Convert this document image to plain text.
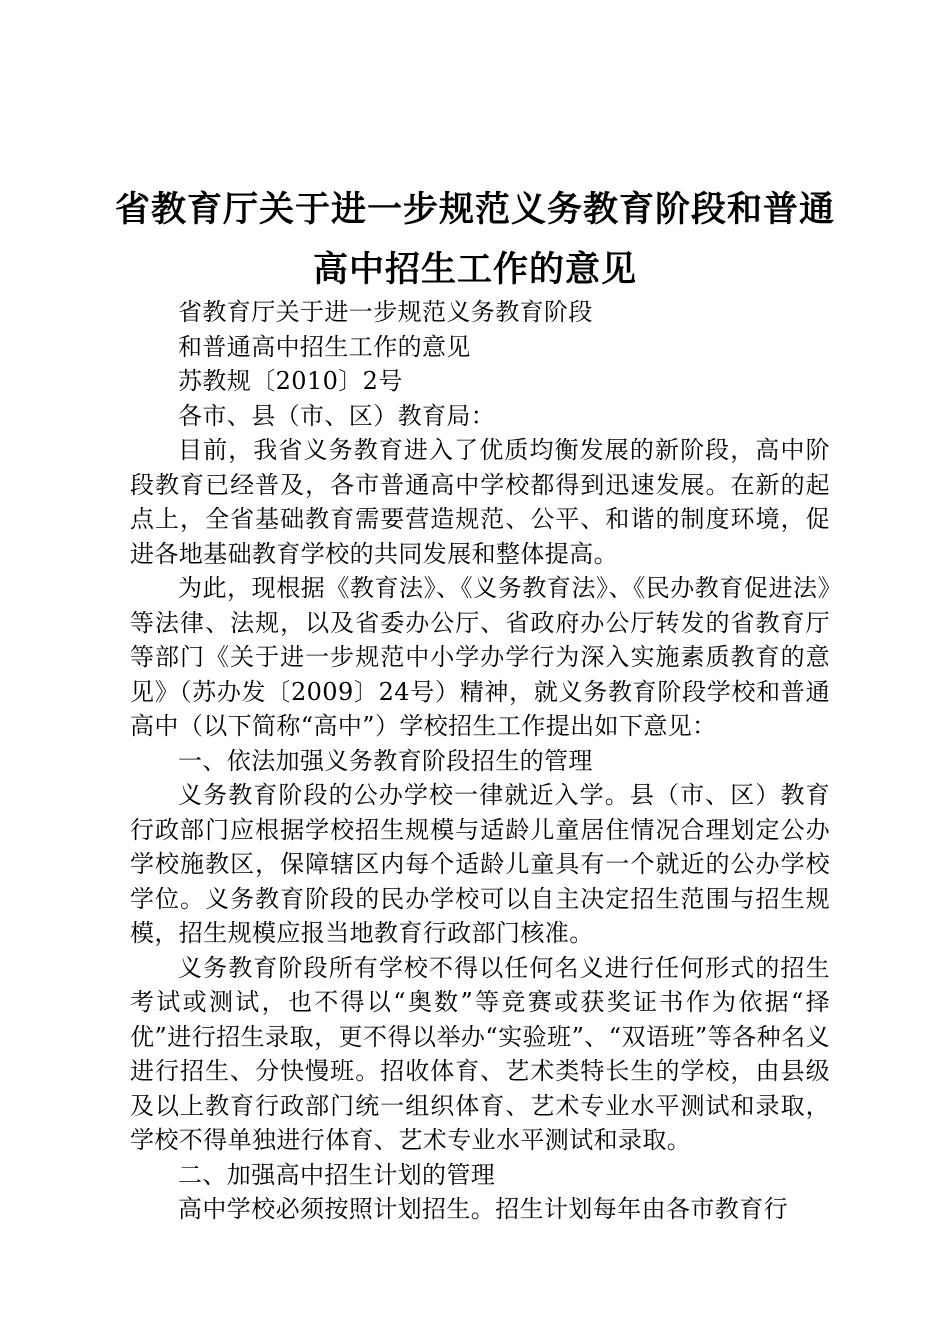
省教育厅关于进一步规范义务教育阶段和普通高中招生工作的意见

省教育厅关于进一步规范义务教育阶段

和普通高中招生工作的意见

苏教规〔2010〕2号

各市、县（市、区）教育局：

目前，我省义务教育进入了优质均衡发展的新阶段，高中阶段教育已经普及，各市普通高中学校都得到迅速发展。在新的起点上，全省基础教育需要营造规范、公平、和谐的制度环境，促进各地基础教育学校的共同发展和整体提高。

为此，现根据《教育法》、《义务教育法》、《民办教育促进法》等法律、法规，以及省委办公厅、省政府办公厅转发的省教育厅等部门《关于进一步规范中小学办学行为深入实施素质教育的意见》（苏办发〔2009〕24号）精神，就义务教育阶段学校和普通高中（以下简称“高中”）学校招生工作提出如下意见：

一、依法加强义务教育阶段招生的管理

义务教育阶段的公办学校一律就近入学。县（市、区）教育行政部门应根据学校招生规模与适龄儿童居住情况合理划定公办学校施教区，保障辖区内每个适龄儿童具有一个就近的公办学校学位。义务教育阶段的民办学校可以自主决定招生范围与招生规模，招生规模应报当地教育行政部门核准。

义务教育阶段所有学校不得以任何名义进行任何形式的招生考试或测试，也不得以“奥数”等竞赛或获奖证书作为依据“择优”进行招生录取，更不得以举办“实验班”、“双语班”等各种名义进行招生、分快慢班。招收体育、艺术类特长生的学校，由县级及以上教育行政部门统一组织体育、艺术专业水平测试和录取，学校不得单独进行体育、艺术专业水平测试和录取。

二、加强高中招生计划的管理

高中学校必须按照计划招生。招生计划每年由各市教育行
